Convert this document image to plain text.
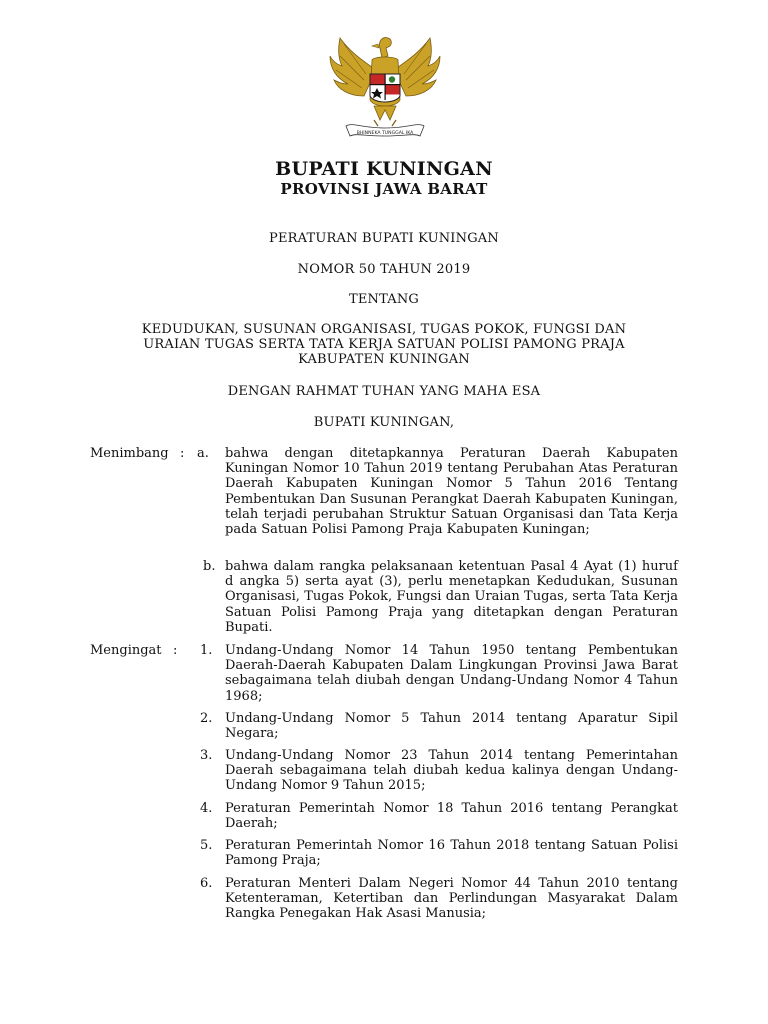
BHINNEKA TUNGGAL IKA
BUPATI KUNINGAN
PROVINSI JAWA BARAT
PERATURAN BUPATI KUNINGAN
NOMOR 50 TAHUN 2019
TENTANG
KEDUDUKAN, SUSUNAN ORGANISASI, TUGAS POKOK, FUNGSI DAN
URAIAN TUGAS SERTA TATA KERJA SATUAN POLISI PAMONG PRAJA
KABUPATEN KUNINGAN
DENGAN RAHMAT TUHAN YANG MAHA ESA
BUPATI KUNINGAN,
Menimbang : a. bahwa dengan ditetapkannya Peraturan Daerah Kabupaten Kuningan Nomor 10 Tahun 2019 tentang Perubahan Atas Peraturan Daerah Kabupaten Kuningan Nomor 5 Tahun 2016 Tentang Pembentukan Dan Susunan Perangkat Daerah Kabupaten Kuningan, telah terjadi perubahan Struktur Satuan Organisasi dan Tata Kerja pada Satuan Polisi Pamong Praja Kabupaten Kuningan;
b. bahwa dalam rangka pelaksanaan ketentuan Pasal 4 Ayat (1) huruf d angka 5) serta ayat (3), perlu menetapkan Kedudukan, Susunan Organisasi, Tugas Pokok, Fungsi dan Uraian Tugas, serta Tata Kerja Satuan Polisi Pamong Praja yang ditetapkan dengan Peraturan Bupati.
Mengingat : 1. Undang-Undang Nomor 14 Tahun 1950 tentang Pembentukan Daerah-Daerah Kabupaten Dalam Lingkungan Provinsi Jawa Barat sebagaimana telah diubah dengan Undang-Undang Nomor 4 Tahun 1968;
2. Undang-Undang Nomor 5 Tahun 2014 tentang Aparatur Sipil Negara;
3. Undang-Undang Nomor 23 Tahun 2014 tentang Pemerintahan Daerah sebagaimana telah diubah kedua kalinya dengan Undang-Undang Nomor 9 Tahun 2015;
4. Peraturan Pemerintah Nomor 18 Tahun 2016 tentang Perangkat Daerah;
5. Peraturan Pemerintah Nomor 16 Tahun 2018 tentang Satuan Polisi Pamong Praja;
6. Peraturan Menteri Dalam Negeri Nomor 44 Tahun 2010 tentang Ketenteraman, Ketertiban dan Perlindungan Masyarakat Dalam Rangka Penegakan Hak Asasi Manusia;
